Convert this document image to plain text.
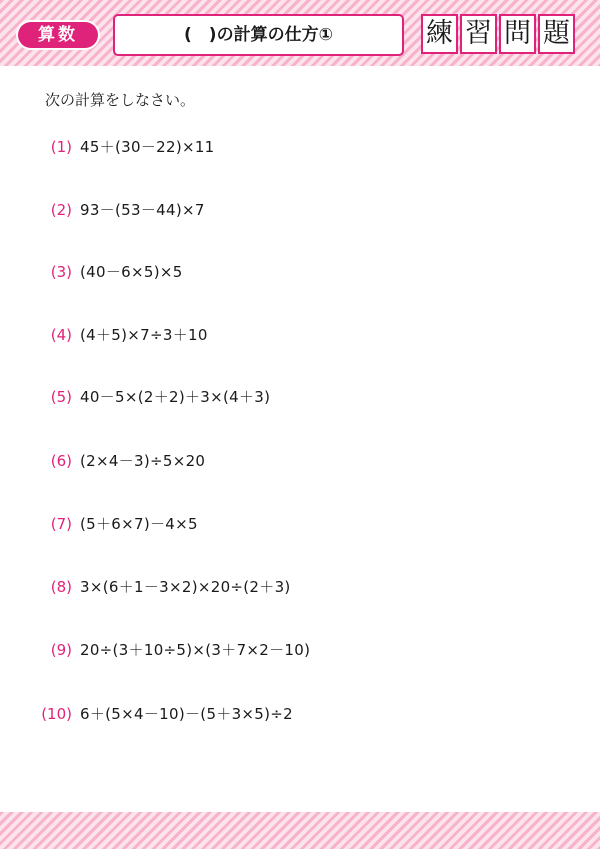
算数	(　)の計算の仕方①	練 習 問 題
次の計算をしなさい。
(1) 45＋(30－22)×11
(2) 93－(53－44)×7
(3) (40－6×5)×5
(4) (4＋5)×7÷3＋10
(5) 40－5×(2＋2)＋3×(4＋3)
(6) (2×4－3)÷5×20
(7) (5＋6×7)－4×5
(8) 3×(6＋1－3×2)×20÷(2＋3)
(9) 20÷(3＋10÷5)×(3＋7×2－10)
(10) 6＋(5×4－10)－(5＋3×5)÷2
